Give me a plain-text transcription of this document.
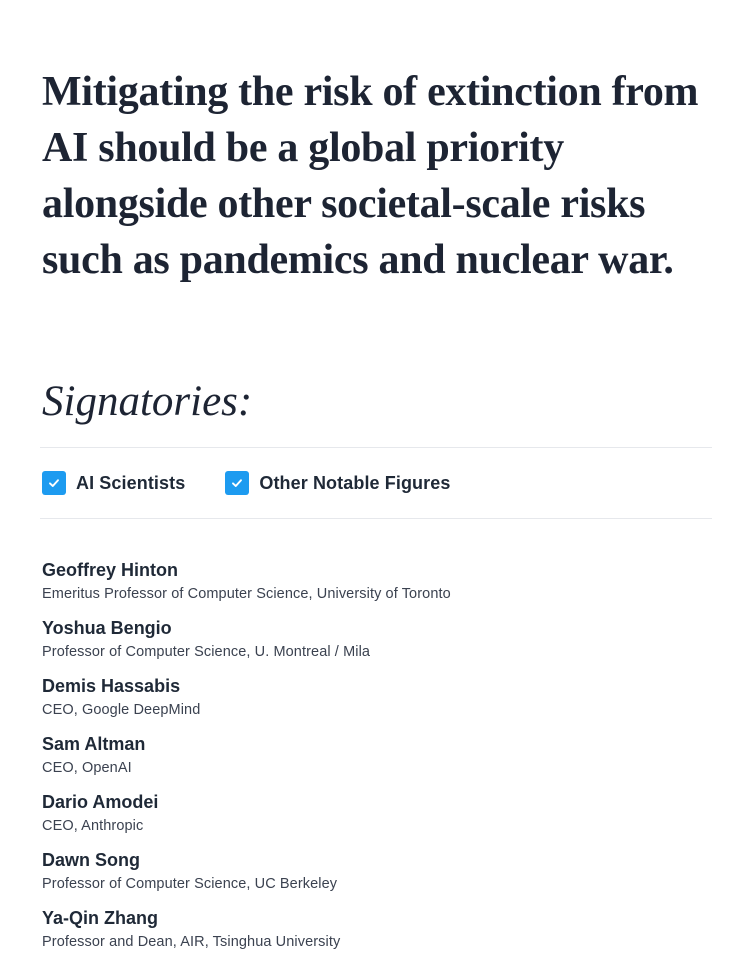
Mitigating the risk of extinction from AI should be a global priority alongside other societal-scale risks such as pandemics and nuclear war.
Signatories:
AI Scientists	Other Notable Figures
Geoffrey Hinton
Emeritus Professor of Computer Science, University of Toronto
Yoshua Bengio
Professor of Computer Science, U. Montreal / Mila
Demis Hassabis
CEO, Google DeepMind
Sam Altman
CEO, OpenAI
Dario Amodei
CEO, Anthropic
Dawn Song
Professor of Computer Science, UC Berkeley
Ya-Qin Zhang
Professor and Dean, AIR, Tsinghua University
